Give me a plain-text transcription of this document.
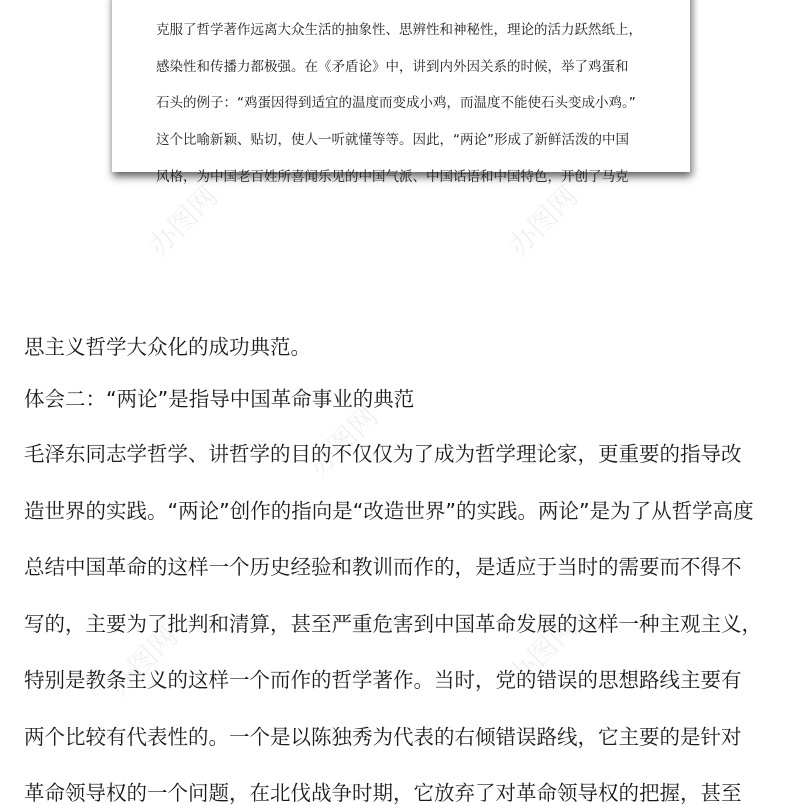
办图网	办图网
办图网
办图网	办图网
克服了哲学著作远离大众生活的抽象性、思辨性和神秘性，理论的活力跃然纸上，
感染性和传播力都极强。在《矛盾论》中，讲到内外因关系的时候，举了鸡蛋和
石头的例子：“鸡蛋因得到适宜的温度而变成小鸡，而温度不能使石头变成小鸡。”
这个比喻新颖、贴切，使人一听就懂等等。因此，“两论”形成了新鲜活泼的中国
风格，为中国老百姓所喜闻乐见的中国气派、中国话语和中国特色，开创了马克
思主义哲学大众化的成功典范。
体会二：“两论”是指导中国革命事业的典范
毛泽东同志学哲学、讲哲学的目的不仅仅为了成为哲学理论家，更重要的指导改
造世界的实践。“两论”创作的指向是“改造世界”的实践。两论”是为了从哲学高度
总结中国革命的这样一个历史经验和教训而作的，是适应于当时的需要而不得不
写的，主要为了批判和清算，甚至严重危害到中国革命发展的这样一种主观主义，
特别是教条主义的这样一个而作的哲学著作。当时，党的错误的思想路线主要有
两个比较有代表性的。一个是以陈独秀为代表的右倾错误路线，它主要的是针对
革命领导权的一个问题，在北伐战争时期，它放弃了对革命领导权的把握，甚至
